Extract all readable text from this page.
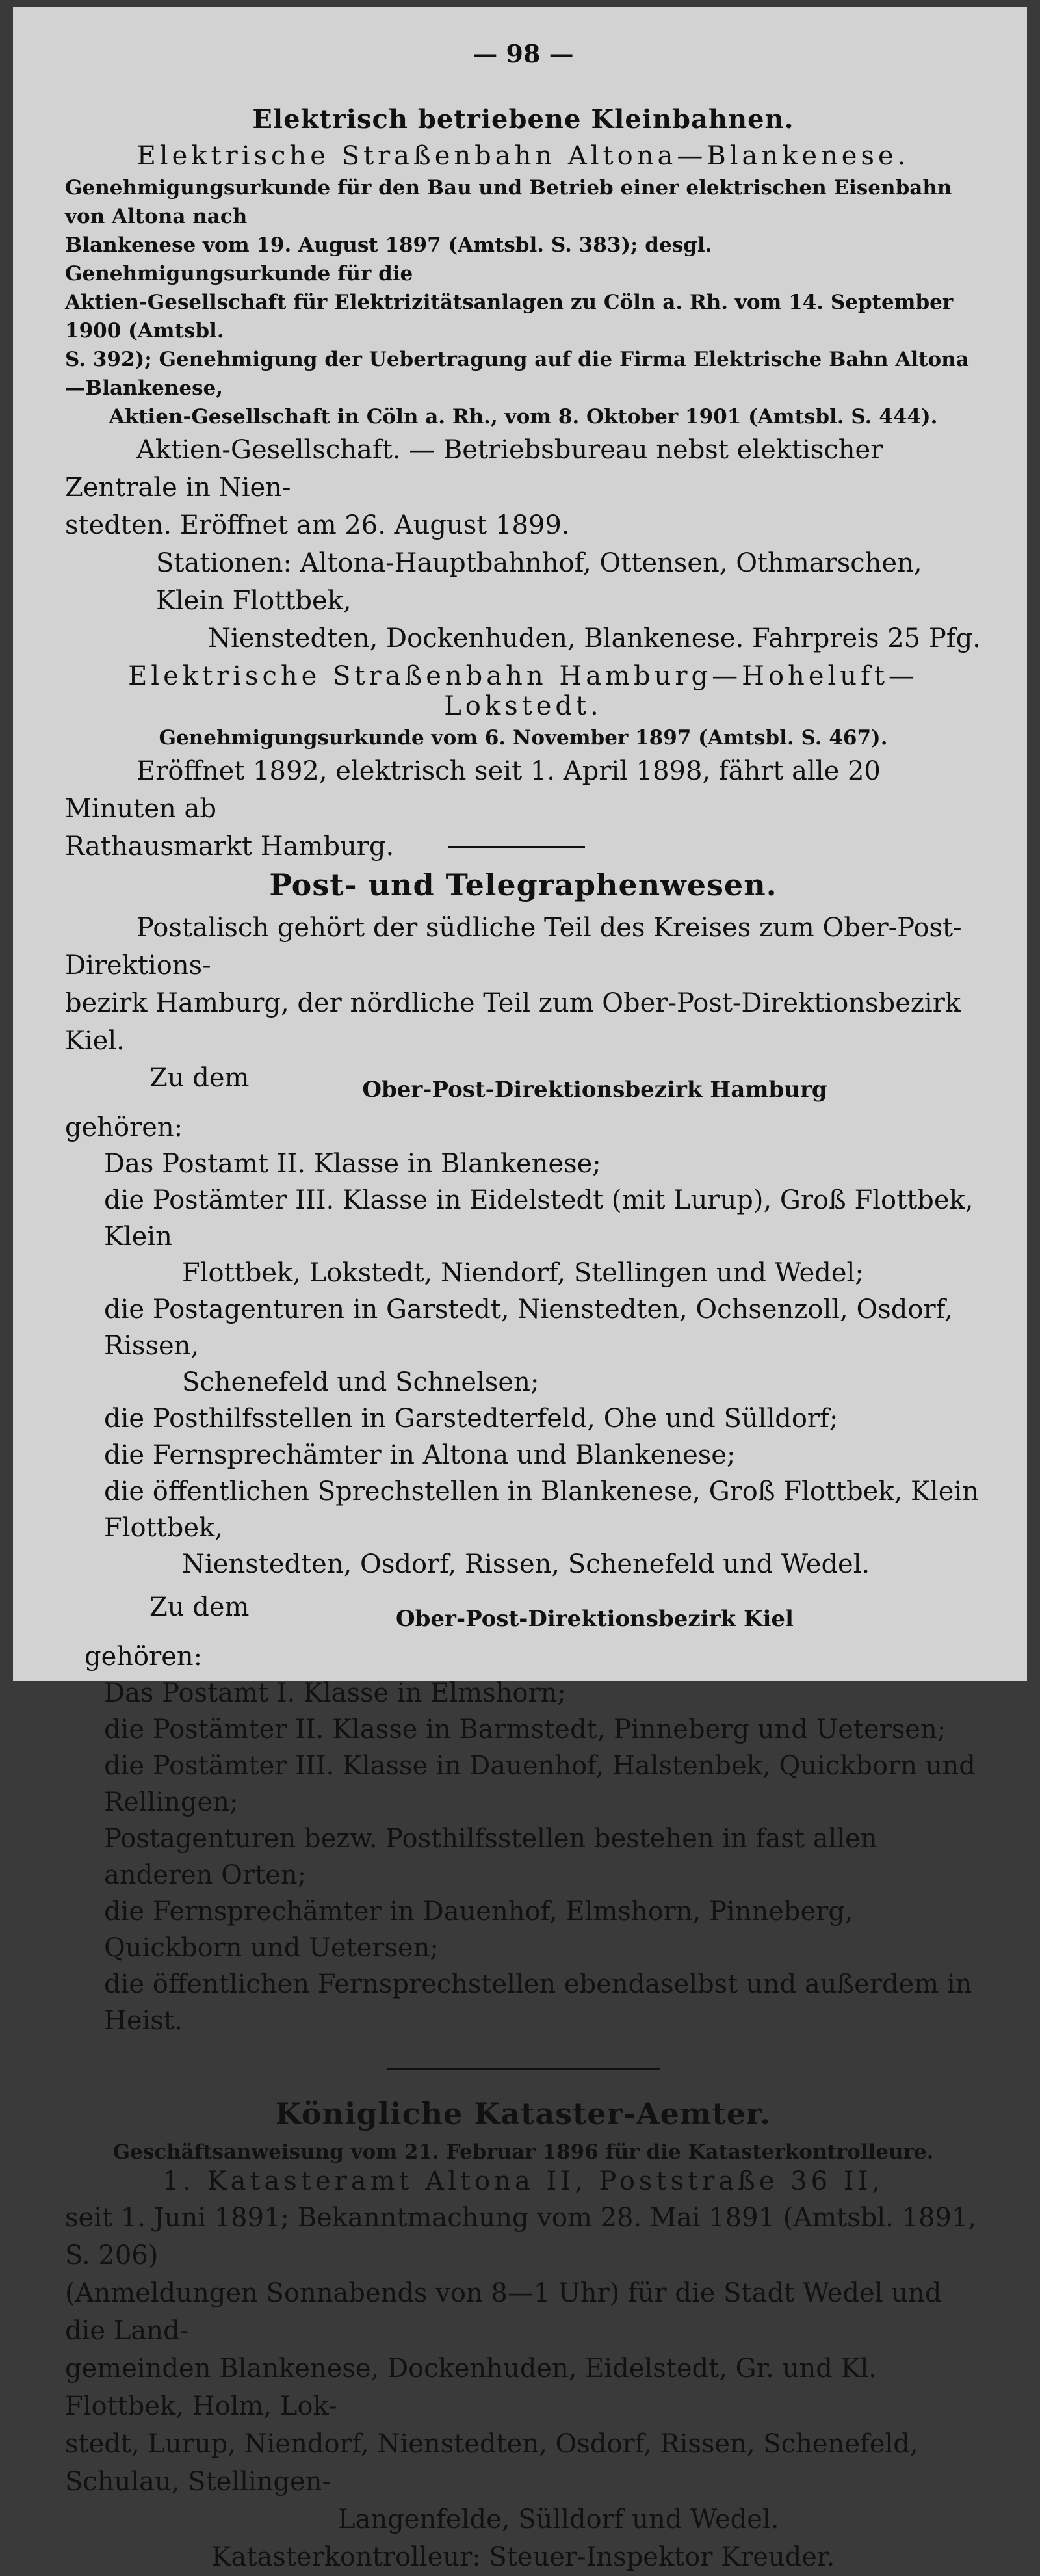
— 98 —
Elektrisch betriebene Kleinbahnen.
Elektrische Straßenbahn Altona—Blankenese.

Genehmigungsurkunde für den Bau und Betrieb einer elektrischen Eisenbahn von Altona nach

Blankenese vom 19. August 1897 (Amtsbl. S. 383); desgl. Genehmigungsurkunde für die

Aktien-Gesellschaft für Elektrizitätsanlagen zu Cöln a. Rh. vom 14. September 1900 (Amtsbl.

S. 392); Genehmigung der Uebertragung auf die Firma Elektrische Bahn Altona—Blankenese,

Aktien-Gesellschaft in Cöln a. Rh., vom 8. Oktober 1901 (Amtsbl. S. 444).

Aktien-Gesellschaft. — Betriebsbureau nebst elektischer Zentrale in Nien-

stedten. Eröffnet am 26. August 1899.

Stationen: Altona-Hauptbahnhof, Ottensen, Othmarschen, Klein Flottbek,

Nienstedten, Dockenhuden, Blankenese. Fahrpreis 25 Pfg.

Elektrische Straßenbahn Hamburg—Hoheluft—Lokstedt.

Genehmigungsurkunde vom 6. November 1897 (Amtsbl. S. 467).

Eröffnet 1892, elektrisch seit 1. April 1898, fährt alle 20 Minuten ab

Rathausmarkt Hamburg.

Post- und Telegraphenwesen.

Postalisch gehört der südliche Teil des Kreises zum Ober-Post-Direktions-

bezirk Hamburg, der nördliche Teil zum Ober-Post-Direktionsbezirk Kiel.

Zu dem	Ober-Post-Direktionsbezirk Hamburg

gehören:

Das Postamt II. Klasse in Blankenese;

die Postämter III. Klasse in Eidelstedt (mit Lurup), Groß Flottbek, Klein

Flottbek, Lokstedt, Niendorf, Stellingen und Wedel;

die Postagenturen in Garstedt, Nienstedten, Ochsenzoll, Osdorf, Rissen,

Schenefeld und Schnelsen;

die Posthilfsstellen in Garstedterfeld, Ohe und Sülldorf;

die Fernsprechämter in Altona und Blankenese;

die öffentlichen Sprechstellen in Blankenese, Groß Flottbek, Klein Flottbek,

Nienstedten, Osdorf, Rissen, Schenefeld und Wedel.

Zu dem	Ober-Post-Direktionsbezirk Kiel

gehören:

Das Postamt I. Klasse in Elmshorn;

die Postämter II. Klasse in Barmstedt, Pinneberg und Uetersen;

die Postämter III. Klasse in Dauenhof, Halstenbek, Quickborn und Rellingen;

Postagenturen bezw. Posthilfsstellen bestehen in fast allen anderen Orten;

die Fernsprechämter in Dauenhof, Elmshorn, Pinneberg, Quickborn und Uetersen;

die öffentlichen Fernsprechstellen ebendaselbst und außerdem in Heist.

Königliche Kataster-Aemter.

Geschäftsanweisung vom 21. Februar 1896 für die Katasterkontrolleure.

1. Katasteramt Altona II, Poststraße 36 II,

seit 1. Juni 1891; Bekanntmachung vom 28. Mai 1891 (Amtsbl. 1891, S. 206)

(Anmeldungen Sonnabends von 8—1 Uhr) für die Stadt Wedel und die Land-

gemeinden Blankenese, Dockenhuden, Eidelstedt, Gr. und Kl. Flottbek, Holm, Lok-

stedt, Lurup, Niendorf, Nienstedten, Osdorf, Rissen, Schenefeld, Schulau, Stellingen-

Langenfelde, Sülldorf und Wedel.

Katasterkontrolleur: Steuer-Inspektor Kreuder.
